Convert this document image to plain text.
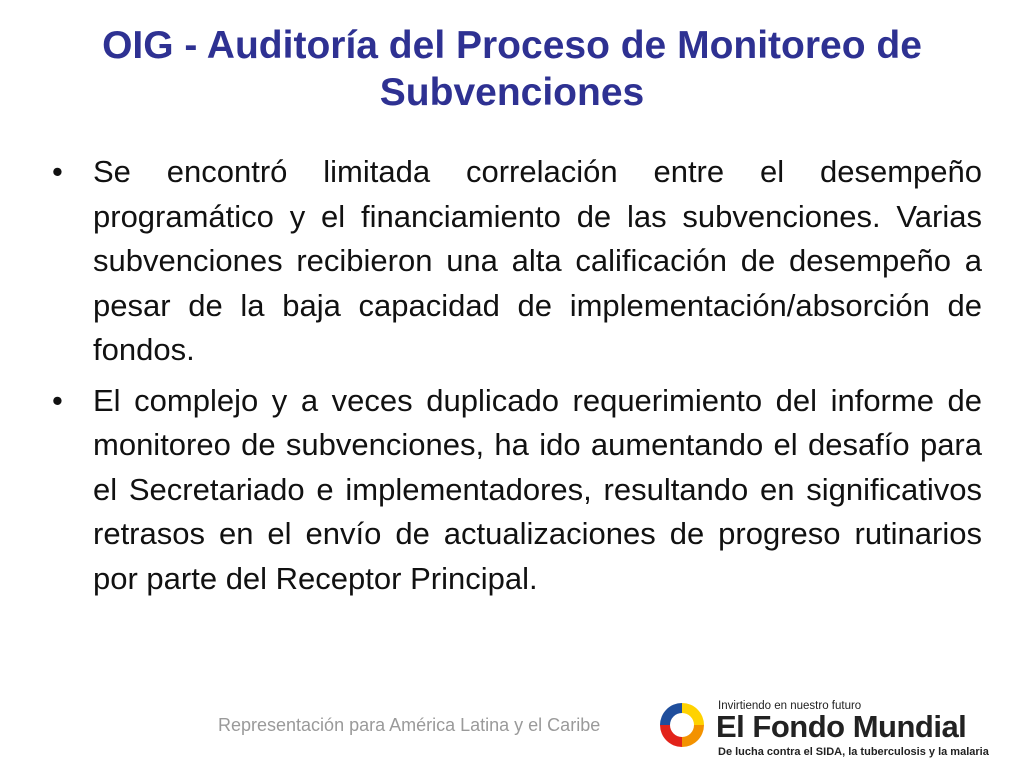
OIG - Auditoría del Proceso de Monitoreo de Subvenciones
• Se encontró limitada correlación entre el desempeño programático y el financiamiento de las subvenciones. Varias subvenciones recibieron una alta calificación de desempeño a pesar de la baja capacidad de implementación/absorción de fondos.
• El complejo y a veces duplicado requerimiento del informe de monitoreo de subvenciones, ha ido aumentando el desafío para el Secretariado e implementadores, resultando en significativos retrasos en el envío de actualizaciones de progreso rutinarios por parte del Receptor Principal.
Representación para América Latina y el Caribe
Invirtiendo en nuestro futuro
El Fondo Mundial
De lucha contra el SIDA, la tuberculosis y la malaria
